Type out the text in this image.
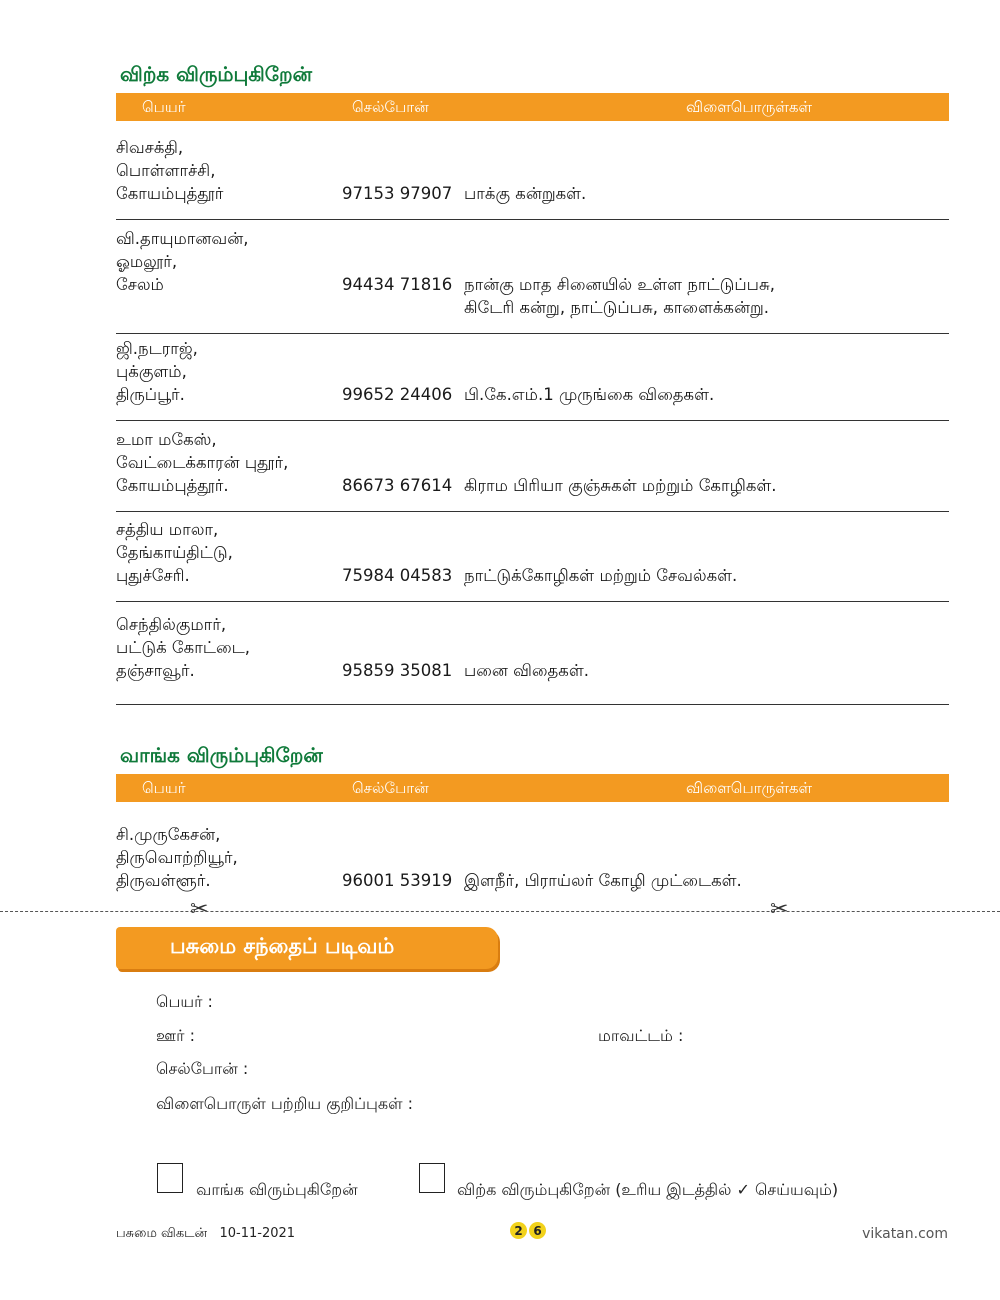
விற்க விரும்புகிறேன்
பெயர்	செல்போன்	விளைபொருள்கள்
சிவசக்தி,
பொள்ளாச்சி,
கோயம்புத்தூர்	97153 97907 பாக்கு கன்றுகள்.
வி.தாயுமானவன்,
ஓமலூர்,
சேலம்	94434 71816 நான்கு மாத சினையில் உள்ள நாட்டுப்பசு,
கிடேரி கன்று, நாட்டுப்பசு, காளைக்கன்று.
ஜி.நடராஜ்,
புக்குளம்,
திருப்பூர்.	99652 24406 பி.கே.எம்.1 முருங்கை விதைகள்.
உமா மகேஸ்,
வேட்டைக்காரன் புதூர்,
கோயம்புத்தூர்.	86673 67614 கிராம பிரியா குஞ்சுகள் மற்றும் கோழிகள்.
சத்திய மாலா,
தேங்காய்திட்டு,
புதுச்சேரி.	75984 04583 நாட்டுக்கோழிகள் மற்றும் சேவல்கள்.
செந்தில்குமார்,
பட்டுக் கோட்டை,
தஞ்சாவூர்.	95859 35081 பனை விதைகள்.
வாங்க விரும்புகிறேன்
பெயர்	செல்போன்	விளைபொருள்கள்
சி.முருகேசன்,
திருவொற்றியூர்,
திருவள்ளூர்.	96001 53919 இளநீர், பிராய்லர் கோழி முட்டைகள்.
✂	✂
பசுமை சந்தைப் படிவம்
பெயர் :
ஊர் :	மாவட்டம் :
செல்போன் :
விளைபொருள் பற்றிய குறிப்புகள் :
வாங்க விரும்புகிறேன்	விற்க விரும்புகிறேன் (உரிய இடத்தில் ✓ செய்யவும்)
பசுமை விகடன் 10-11-2021	2 6	vikatan.com
